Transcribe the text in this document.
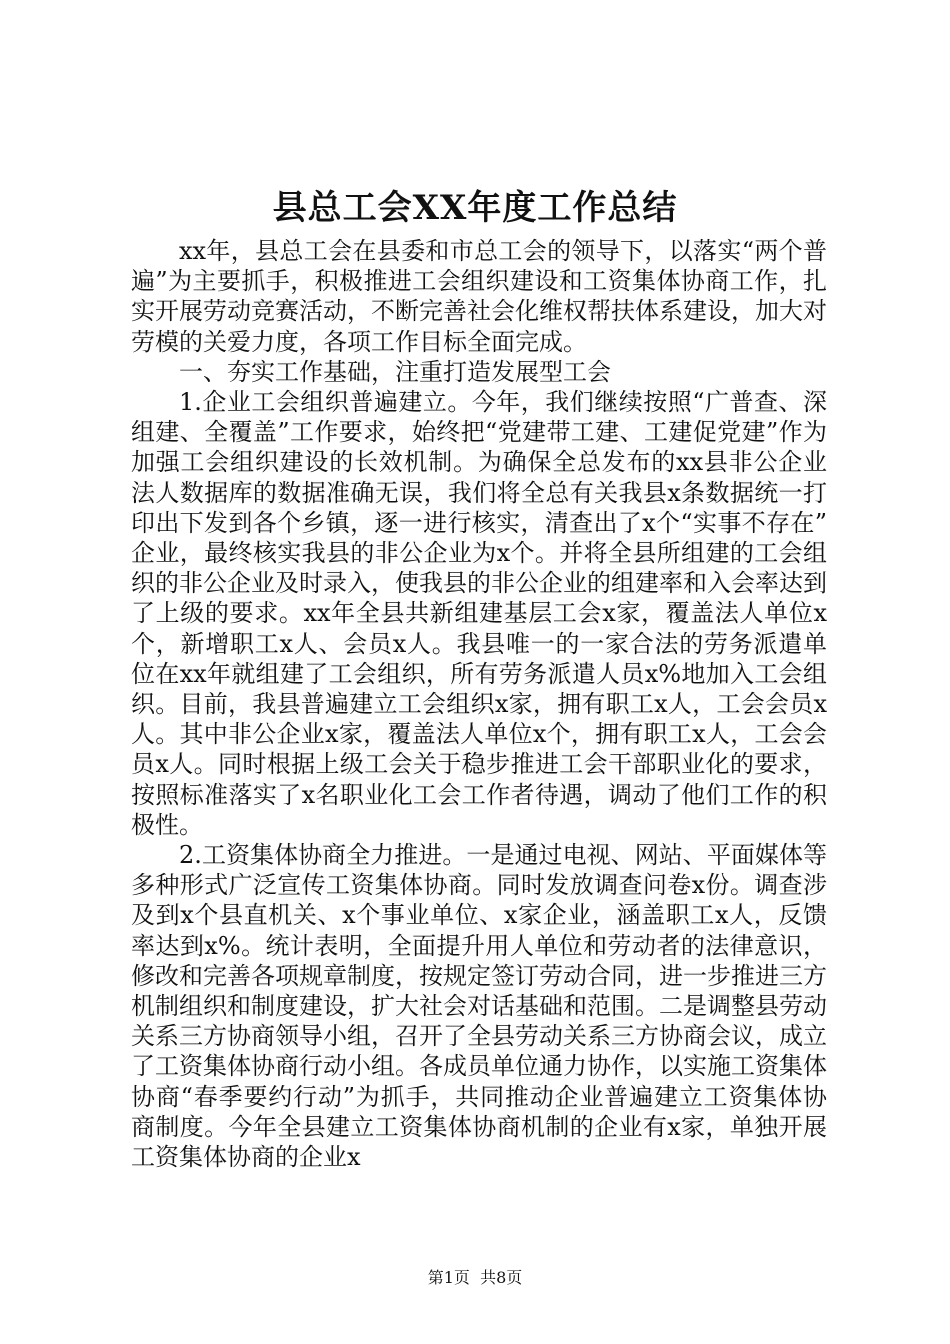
县总工会XX年度工作总结

xx年，县总工会在县委和市总工会的领导下，以落实“两个普遍”为主要抓手，积极推进工会组织建设和工资集体协商工作，扎实开展劳动竞赛活动，不断完善社会化维权帮扶体系建设，加大对劳模的关爱力度，各项工作目标全面完成。

一、夯实工作基础，注重打造发展型工会

1.企业工会组织普遍建立。今年，我们继续按照“广普查、深组建、全覆盖”工作要求，始终把“党建带工建、工建促党建”作为加强工会组织建设的长效机制。为确保全总发布的xx县非公企业法人数据库的数据准确无误，我们将全总有关我县x条数据统一打印出下发到各个乡镇，逐一进行核实，清查出了x个“实事不存在”企业，最终核实我县的非公企业为x个。并将全县所组建的工会组织的非公企业及时录入，使我县的非公企业的组建率和入会率达到了上级的要求。xx年全县共新组建基层工会x家，覆盖法人单位x个，新增职工x人、会员x人。我县唯一的一家合法的劳务派遣单位在xx年就组建了工会组织，所有劳务派遣人员x%地加入工会组织。目前，我县普遍建立工会组织x家，拥有职工x人，工会会员x人。其中非公企业x家，覆盖法人单位x个，拥有职工x人，工会会员x人。同时根据上级工会关于稳步推进工会干部职业化的要求，按照标准落实了x名职业化工会工作者待遇，调动了他们工作的积极性。

2.工资集体协商全力推进。一是通过电视、网站、平面媒体等多种形式广泛宣传工资集体协商。同时发放调查问卷x份。调查涉及到x个县直机关、x个事业单位、x家企业，涵盖职工x人，反馈率达到x%。统计表明，全面提升用人单位和劳动者的法律意识，修改和完善各项规章制度，按规定签订劳动合同，进一步推进三方机制组织和制度建设，扩大社会对话基础和范围。二是调整县劳动关系三方协商领导小组，召开了全县劳动关系三方协商会议，成立了工资集体协商行动小组。各成员单位通力协作，以实施工资集体协商“春季要约行动”为抓手，共同推动企业普遍建立工资集体协商制度。今年全县建立工资集体协商机制的企业有x家，单独开展工资集体协商的企业x

第1页  共8页
